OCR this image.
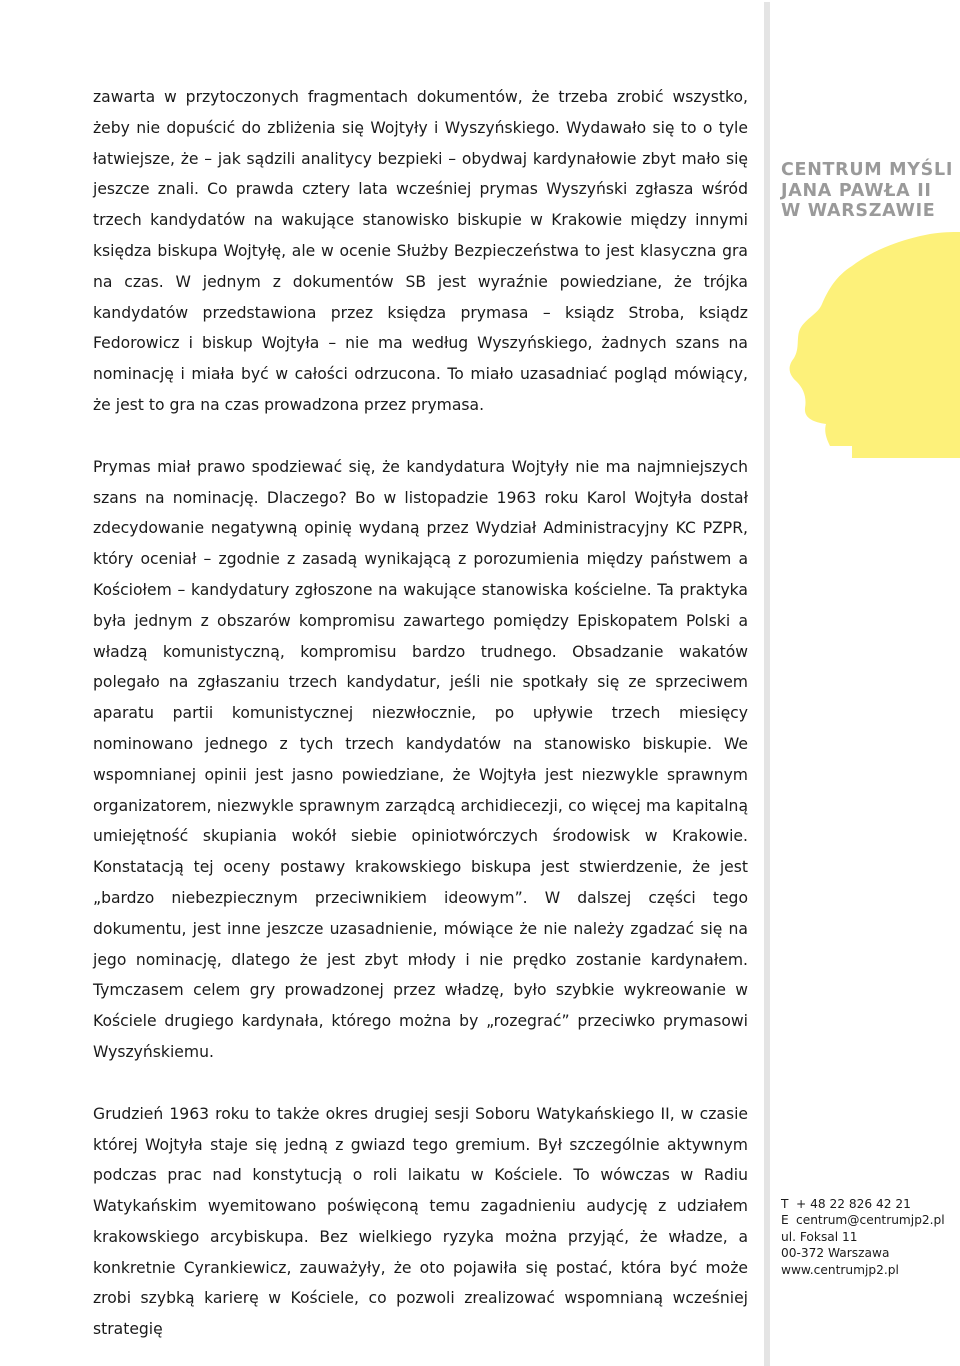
CENTRUM MYŚLI
JANA PAWŁA II
W WARSZAWIE

zawarta w przytoczonych fragmentach dokumentów, że trzeba zrobić wszystko, żeby nie dopuścić do zbliżenia się Wojtyły i Wyszyńskiego. Wydawało się to o tyle łatwiejsze, że – jak sądzili analitycy bezpieki – obydwaj kardynałowie zbyt mało się jeszcze znali. Co prawda cztery lata wcześniej prymas Wyszyński zgłasza wśród trzech kandydatów na wakujące stanowisko biskupie w Krakowie między innymi księdza biskupa Wojtyłę, ale w ocenie Służby Bezpieczeństwa to jest klasyczna gra na czas. W jednym z dokumentów SB jest wyraźnie powiedziane, że trójka kandydatów przedstawiona przez księdza prymasa – ksiądz Stroba, ksiądz Fedorowicz i biskup Wojtyła – nie ma według Wyszyńskiego, żadnych szans na nominację i miała być w całości odrzucona. To miało uzasadniać pogląd mówiący, że jest to gra na czas prowadzona przez prymasa.

Prymas miał prawo spodziewać się, że kandydatura Wojtyły nie ma najmniejszych szans na nominację. Dlaczego? Bo w listopadzie 1963 roku Karol Wojtyła dostał zdecydowanie negatywną opinię wydaną przez Wydział Administracyjny KC PZPR, który oceniał – zgodnie z zasadą wynikającą z porozumienia między państwem a Kościołem – kandydatury zgłoszone na wakujące stanowiska kościelne. Ta praktyka była jednym z obszarów kompromisu zawartego pomiędzy Episkopatem Polski a władzą komunistyczną, kompromisu bardzo trudnego. Obsadzanie wakatów polegało na zgłaszaniu trzech kandydatur, jeśli nie spotkały się ze sprzeciwem aparatu partii komunistycznej niezwłocznie, po upływie trzech miesięcy nominowano jednego z tych trzech kandydatów na stanowisko biskupie. We wspomnianej opinii jest jasno powiedziane, że Wojtyła jest niezwykle sprawnym organizatorem, niezwykle sprawnym zarządcą archidiecezji, co więcej ma kapitalną umiejętność skupiania wokół siebie opiniotwórczych środowisk w Krakowie. Konstatacją tej oceny postawy krakowskiego biskupa jest stwierdzenie, że jest „bardzo niebezpiecznym przeciwnikiem ideowym”. W dalszej części tego dokumentu, jest inne jeszcze uzasadnienie, mówiące że nie należy zgadzać się na jego nominację, dlatego że jest zbyt młody i nie prędko zostanie kardynałem. Tymczasem celem gry prowadzonej przez władzę, było szybkie wykreowanie w Kościele drugiego kardynała, którego można by „rozegrać” przeciwko prymasowi Wyszyńskiemu.

Grudzień 1963 roku to także okres drugiej sesji Soboru Watykańskiego II, w czasie której Wojtyła staje się jedną z gwiazd tego gremium. Był szczególnie aktywnym podczas prac nad konstytucją o roli laikatu w Kościele. To wówczas w Radiu Watykańskim wyemitowano poświęconą temu zagadnieniu audycję z udziałem krakowskiego arcybiskupa. Bez wielkiego ryzyka można przyjąć, że władze, a konkretnie Cyrankiewicz, zauważyły, że oto pojawiła się postać, która być może zrobi szybką karierę w Kościele, co pozwoli zrealizować wspomnianą wcześniej strategię

T + 48 22 826 42 21
E centrum@centrumjp2.pl
ul. Foksal 11
00-372 Warszawa
www.centrumjp2.pl
